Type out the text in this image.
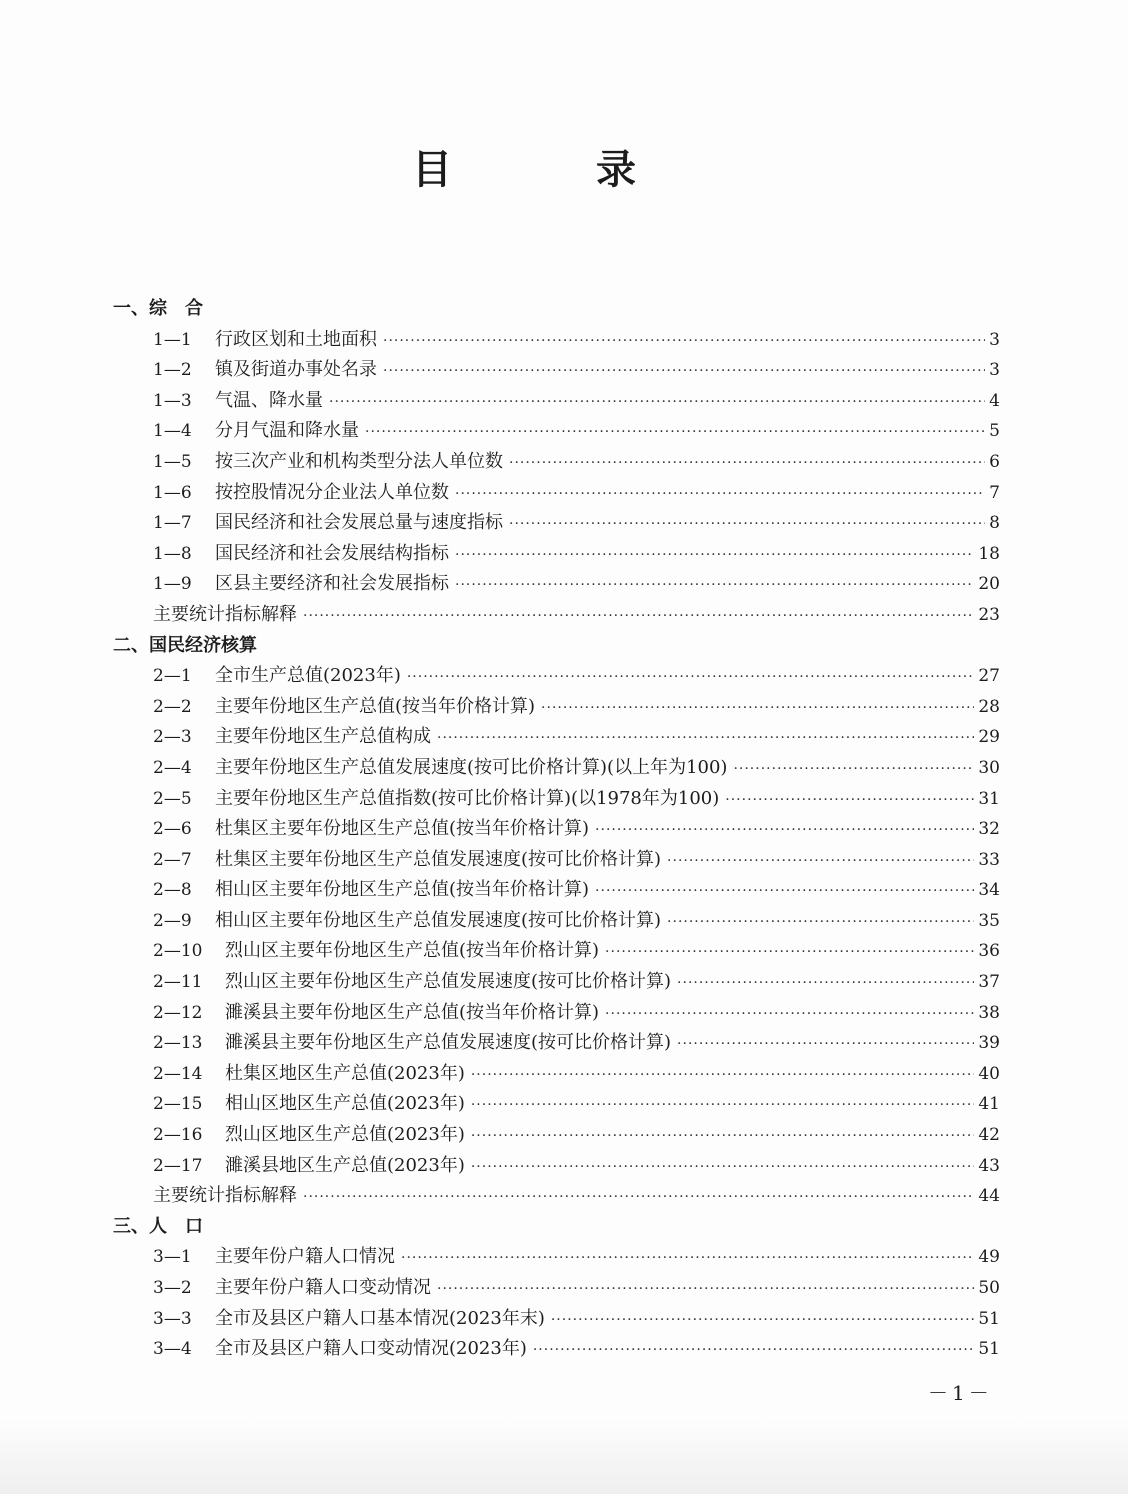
目　录
一、综　合
1—1	行政区划和土地面积 ·····	3
1—2	镇及街道办事处名录 ·····	3
1—3	气温、降水量 ·····	4
1—4	分月气温和降水量 ·····	5
1—5	按三次产业和机构类型分法人单位数 ·····	6
1—6	按控股情况分企业法人单位数 ·····	7
1—7	国民经济和社会发展总量与速度指标 ·····	8
1—8	国民经济和社会发展结构指标 ·····	18
1—9	区县主要经济和社会发展指标 ·····	20
主要统计指标解释 ·····	23
二、国民经济核算
2—1	全市生产总值(2023年) ·····	27
2—2	主要年份地区生产总值(按当年价格计算) ·····	28
2—3	主要年份地区生产总值构成 ·····	29
2—4	主要年份地区生产总值发展速度(按可比价格计算)(以上年为100) ·····	30
2—5	主要年份地区生产总值指数(按可比价格计算)(以1978年为100) ·····	31
2—6	杜集区主要年份地区生产总值(按当年价格计算) ·····	32
2—7	杜集区主要年份地区生产总值发展速度(按可比价格计算) ·····	33
2—8	相山区主要年份地区生产总值(按当年价格计算) ·····	34
2—9	相山区主要年份地区生产总值发展速度(按可比价格计算) ·····	35
2—10	烈山区主要年份地区生产总值(按当年价格计算) ·····	36
2—11	烈山区主要年份地区生产总值发展速度(按可比价格计算) ·····	37
2—12	濉溪县主要年份地区生产总值(按当年价格计算) ·····	38
2—13	濉溪县主要年份地区生产总值发展速度(按可比价格计算) ·····	39
2—14	杜集区地区生产总值(2023年) ·····	40
2—15	相山区地区生产总值(2023年) ·····	41
2—16	烈山区地区生产总值(2023年) ·····	42
2—17	濉溪县地区生产总值(2023年) ·····	43
主要统计指标解释 ·····	44
三、人　口
3—1	主要年份户籍人口情况 ·····	49
3—2	主要年份户籍人口变动情况 ·····	50
3—3	全市及县区户籍人口基本情况(2023年末) ·····	51
3—4	全市及县区户籍人口变动情况(2023年) ·····	51
－1－
